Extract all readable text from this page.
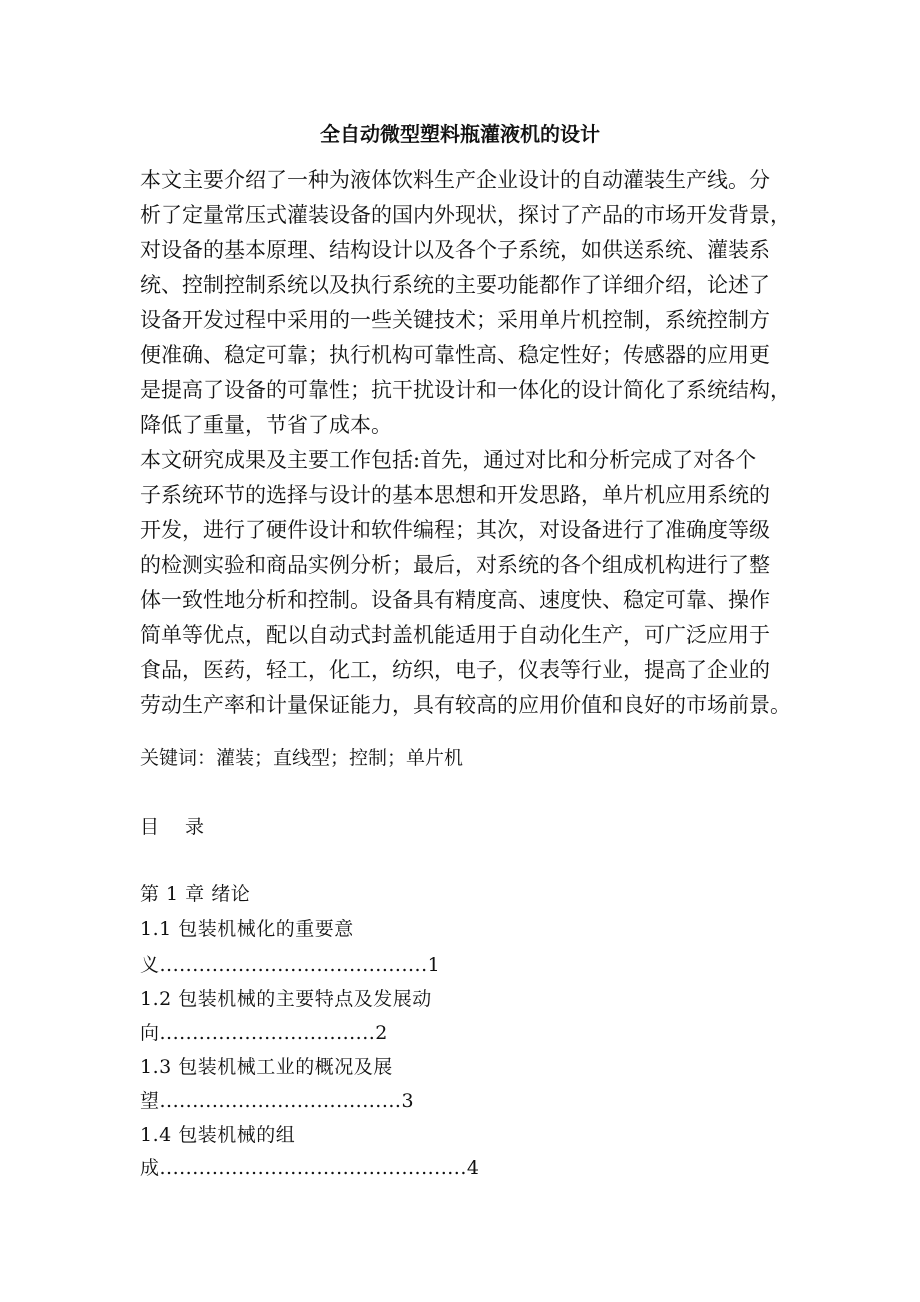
全自动微型塑料瓶灌液机的设计
本文主要介绍了一种为液体饮料生产企业设计的自动灌装生产线。分
析了定量常压式灌装设备的国内外现状，探讨了产品的市场开发背景，
对设备的基本原理、结构设计以及各个子系统，如供送系统、灌装系
统、控制控制系统以及执行系统的主要功能都作了详细介绍，论述了
设备开发过程中采用的一些关键技术；采用单片机控制，系统控制方
便准确、稳定可靠；执行机构可靠性高、稳定性好；传感器的应用更
是提高了设备的可靠性；抗干扰设计和一体化的设计简化了系统结构，
降低了重量，节省了成本。
本文研究成果及主要工作包括:首先，通过对比和分析完成了对各个
子系统环节的选择与设计的基本思想和开发思路，单片机应用系统的
开发，进行了硬件设计和软件编程；其次，对设备进行了准确度等级
的检测实验和商品实例分析；最后，对系统的各个组成机构进行了整
体一致性地分析和控制。设备具有精度高、速度快、稳定可靠、操作
简单等优点，配以自动式封盖机能适用于自动化生产，可广泛应用于
食品，医药，轻工，化工，纺织，电子，仪表等行业，提高了企业的
劳动生产率和计量保证能力，具有较高的应用价值和良好的市场前景。
关键词：灌装；直线型；控制；单片机
目 录
第 1 章 绪论
1.1 包装机械化的重要意
义.........................................1
1.2 包装机械的主要特点及发展动
向.................................2
1.3 包装机械工业的概况及展
望.....................................3
1.4 包装机械的组
成...............................................4
